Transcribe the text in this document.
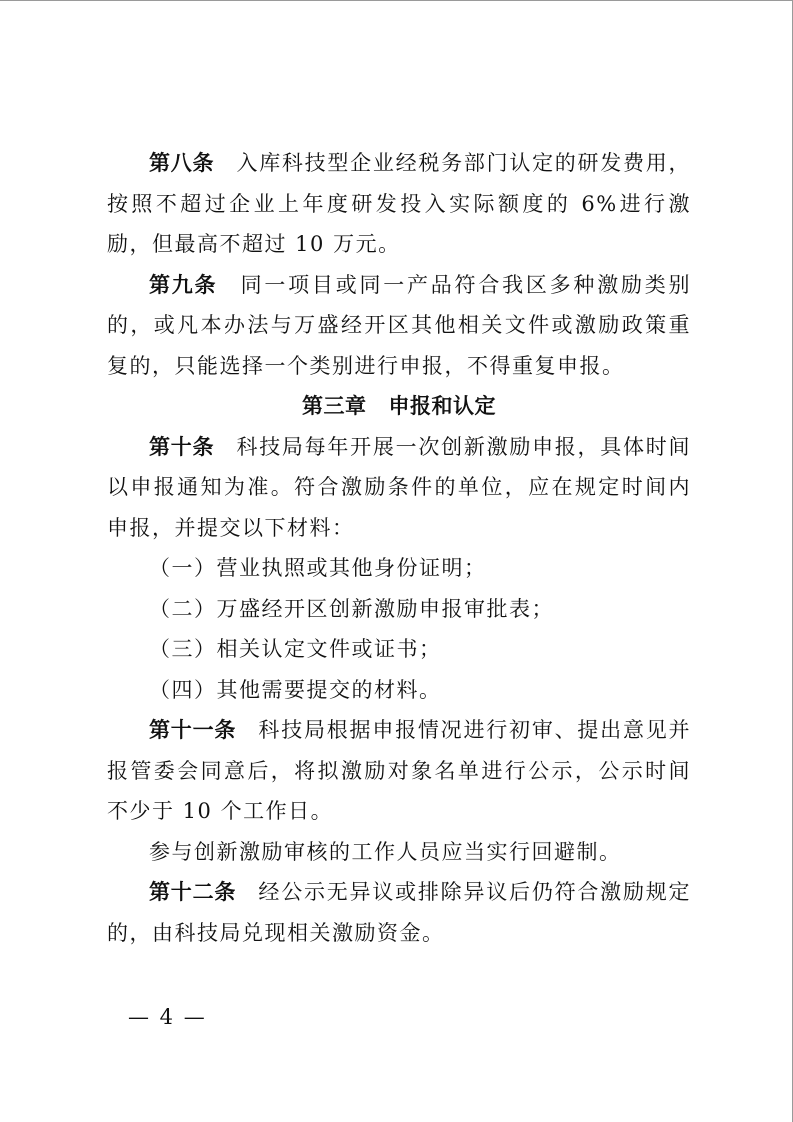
第八条 入库科技型企业经税务部门认定的研发费用，按照不超过企业上年度研发投入实际额度的 6%进行激励，但最高不超过 10 万元。

第九条 同一项目或同一产品符合我区多种激励类别的，或凡本办法与万盛经开区其他相关文件或激励政策重复的，只能选择一个类别进行申报，不得重复申报。

第三章 申报和认定

第十条 科技局每年开展一次创新激励申报，具体时间以申报通知为准。符合激励条件的单位，应在规定时间内申报，并提交以下材料：

（一）营业执照或其他身份证明；

（二）万盛经开区创新激励申报审批表；

（三）相关认定文件或证书；

（四）其他需要提交的材料。

第十一条 科技局根据申报情况进行初审、提出意见并报管委会同意后，将拟激励对象名单进行公示，公示时间不少于 10 个工作日。

参与创新激励审核的工作人员应当实行回避制。

第十二条 经公示无异议或排除异议后仍符合激励规定的，由科技局兑现相关激励资金。

— 4 —
